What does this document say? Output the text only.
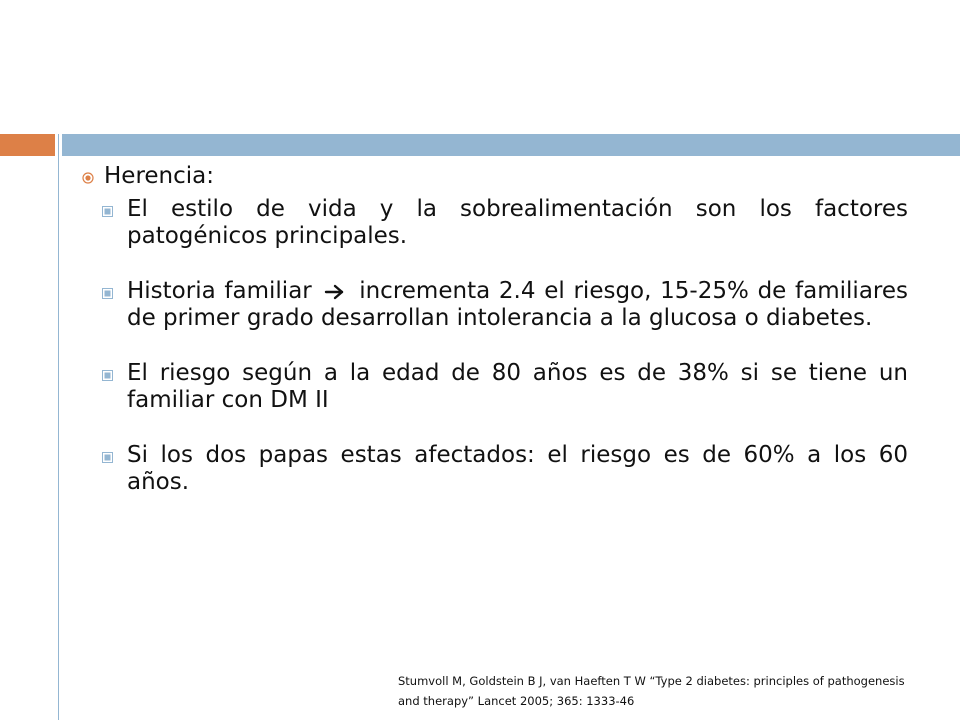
Herencia:
El estilo de vida y la sobrealimentación son los factores patogénicos principales.
Historia familiar incrementa 2.4 el riesgo, 15-25% de familiares de primer grado desarrollan intolerancia a la glucosa o diabetes.
El riesgo según a la edad de 80 años es de 38% si se tiene un familiar con DM II
Si los dos papas estas afectados: el riesgo es de 60% a los 60 años.
Stumvoll M, Goldstein B J, van Haeften T W “Type 2 diabetes: principles of pathogenesis
and therapy” Lancet 2005; 365: 1333-46
